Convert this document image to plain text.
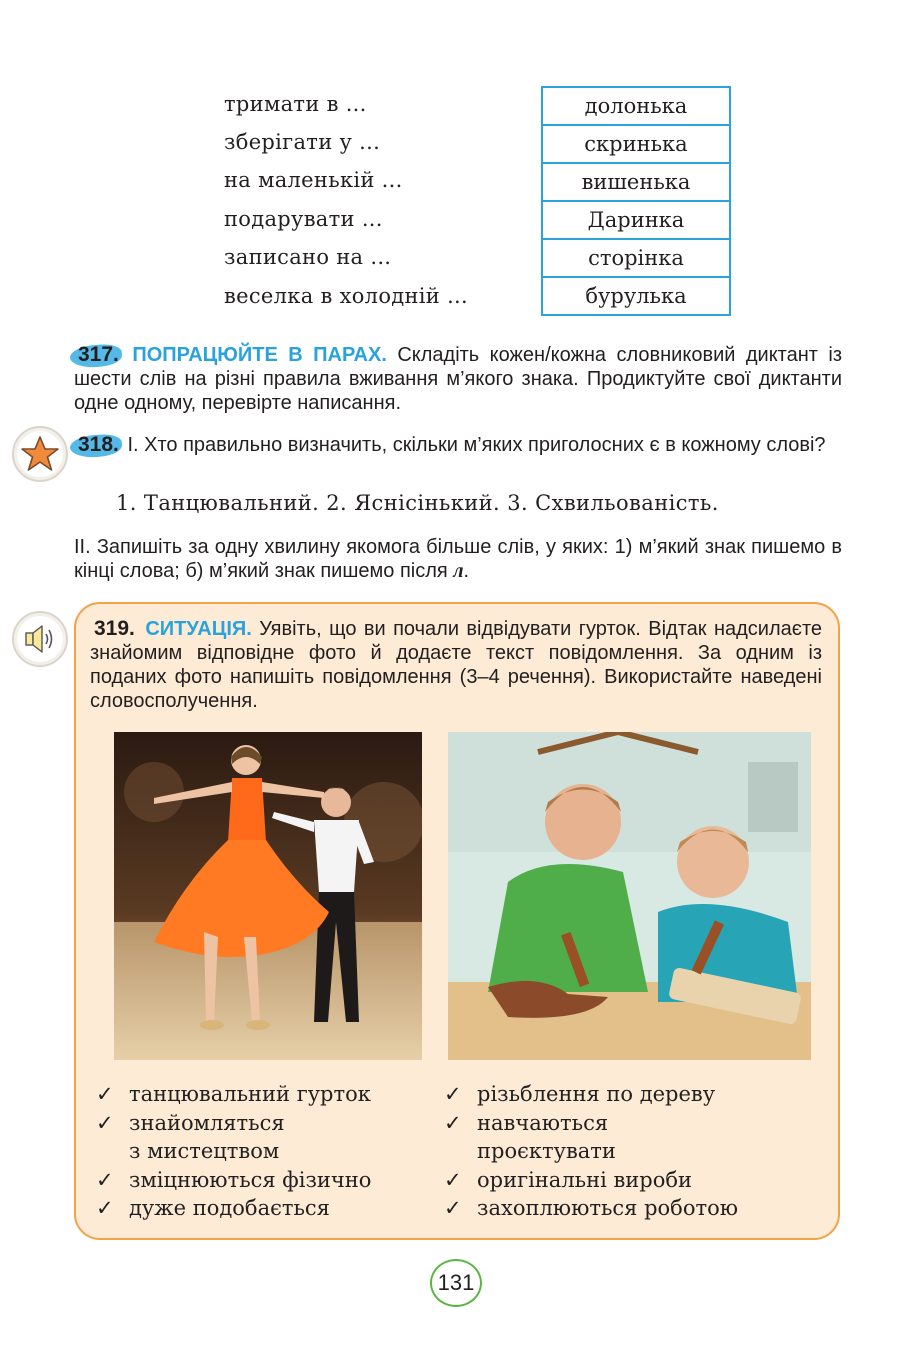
тримати в ...
зберігати у ...
на маленькій ...
подарувати ...
записано на ...
веселка в холодній ...
долонька
скринька
вишенька
Даринка
сторінка
бурулька
317. ПОПРАЦЮЙТЕ В ПАРАХ. Складіть кожен/кожна словниковий диктант із шести слів на різні правила вживання м’якого знака. Продиктуйте свої диктанти одне одному, перевірте написання.
318. І. Хто правильно визначить, скільки м’яких приголосних є в кожному слові?
1. Танцювальний. 2. Яснісінький. 3. Схвильованість.
ІІ. Запишіть за одну хвилину якомога більше слів, у яких: 1) м’який знак пишемо в кінці слова; б) м’який знак пишемо після л.
319. СИТУАЦІЯ. Уявіть, що ви почали відвідувати гурток. Відтак надсилаєте знайомим відповідне фото й додаєте текст повідомлення. За одним із поданих фото напишіть повідомлення (3–4 речення). Використайте наведені словосполучення.
✓ танцювальний гурток
✓ знайомляться
з мистецтвом
✓ зміцнюються фізично
✓ дуже подобається
✓ різьблення по дереву
✓ навчаються
проєктувати
✓ оригінальні вироби
✓ захоплюються роботою
131
